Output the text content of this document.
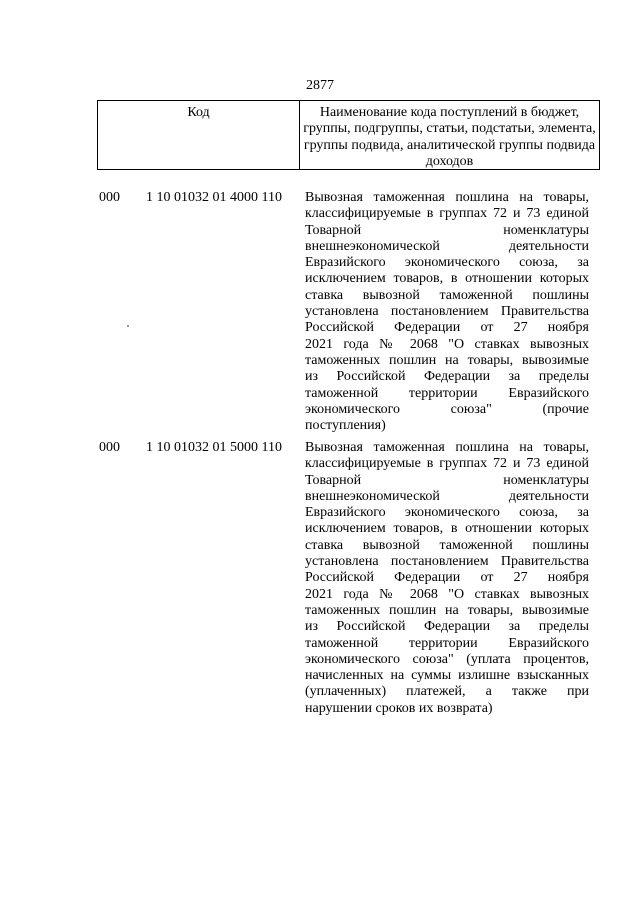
2877
Код	Наименование кода поступлений в бюджет, группы, подгруппы, статьи, подстатьи, элемента, группы подвида, аналитической группы подвида доходов
000 1 10 01032 01 4000 110 Вывозная таможенная пошлина на товары,
классифицируемые в группах 72 и 73 единой
Товарной номенклатуры
внешнеэкономической деятельности
Евразийского экономического союза, за
исключением товаров, в отношении которых
ставка вывозной таможенной пошлины
установлена постановлением Правительства
Российской Федерации от 27 ноября
2021 года № 2068 "О ставках вывозных
таможенных пошлин на товары, вывозимые
из Российской Федерации за пределы
таможенной территории Евразийского
экономического союза" (прочие
поступления)
000 1 10 01032 01 5000 110 Вывозная таможенная пошлина на товары,
классифицируемые в группах 72 и 73 единой
Товарной номенклатуры
внешнеэкономической деятельности
Евразийского экономического союза, за
исключением товаров, в отношении которых
ставка вывозной таможенной пошлины
установлена постановлением Правительства
Российской Федерации от 27 ноября
2021 года № 2068 "О ставках вывозных
таможенных пошлин на товары, вывозимые
из Российской Федерации за пределы
таможенной территории Евразийского
экономического союза" (уплата процентов,
начисленных на суммы излишне взысканных
(уплаченных) платежей, а также при
нарушении сроков их возврата)
